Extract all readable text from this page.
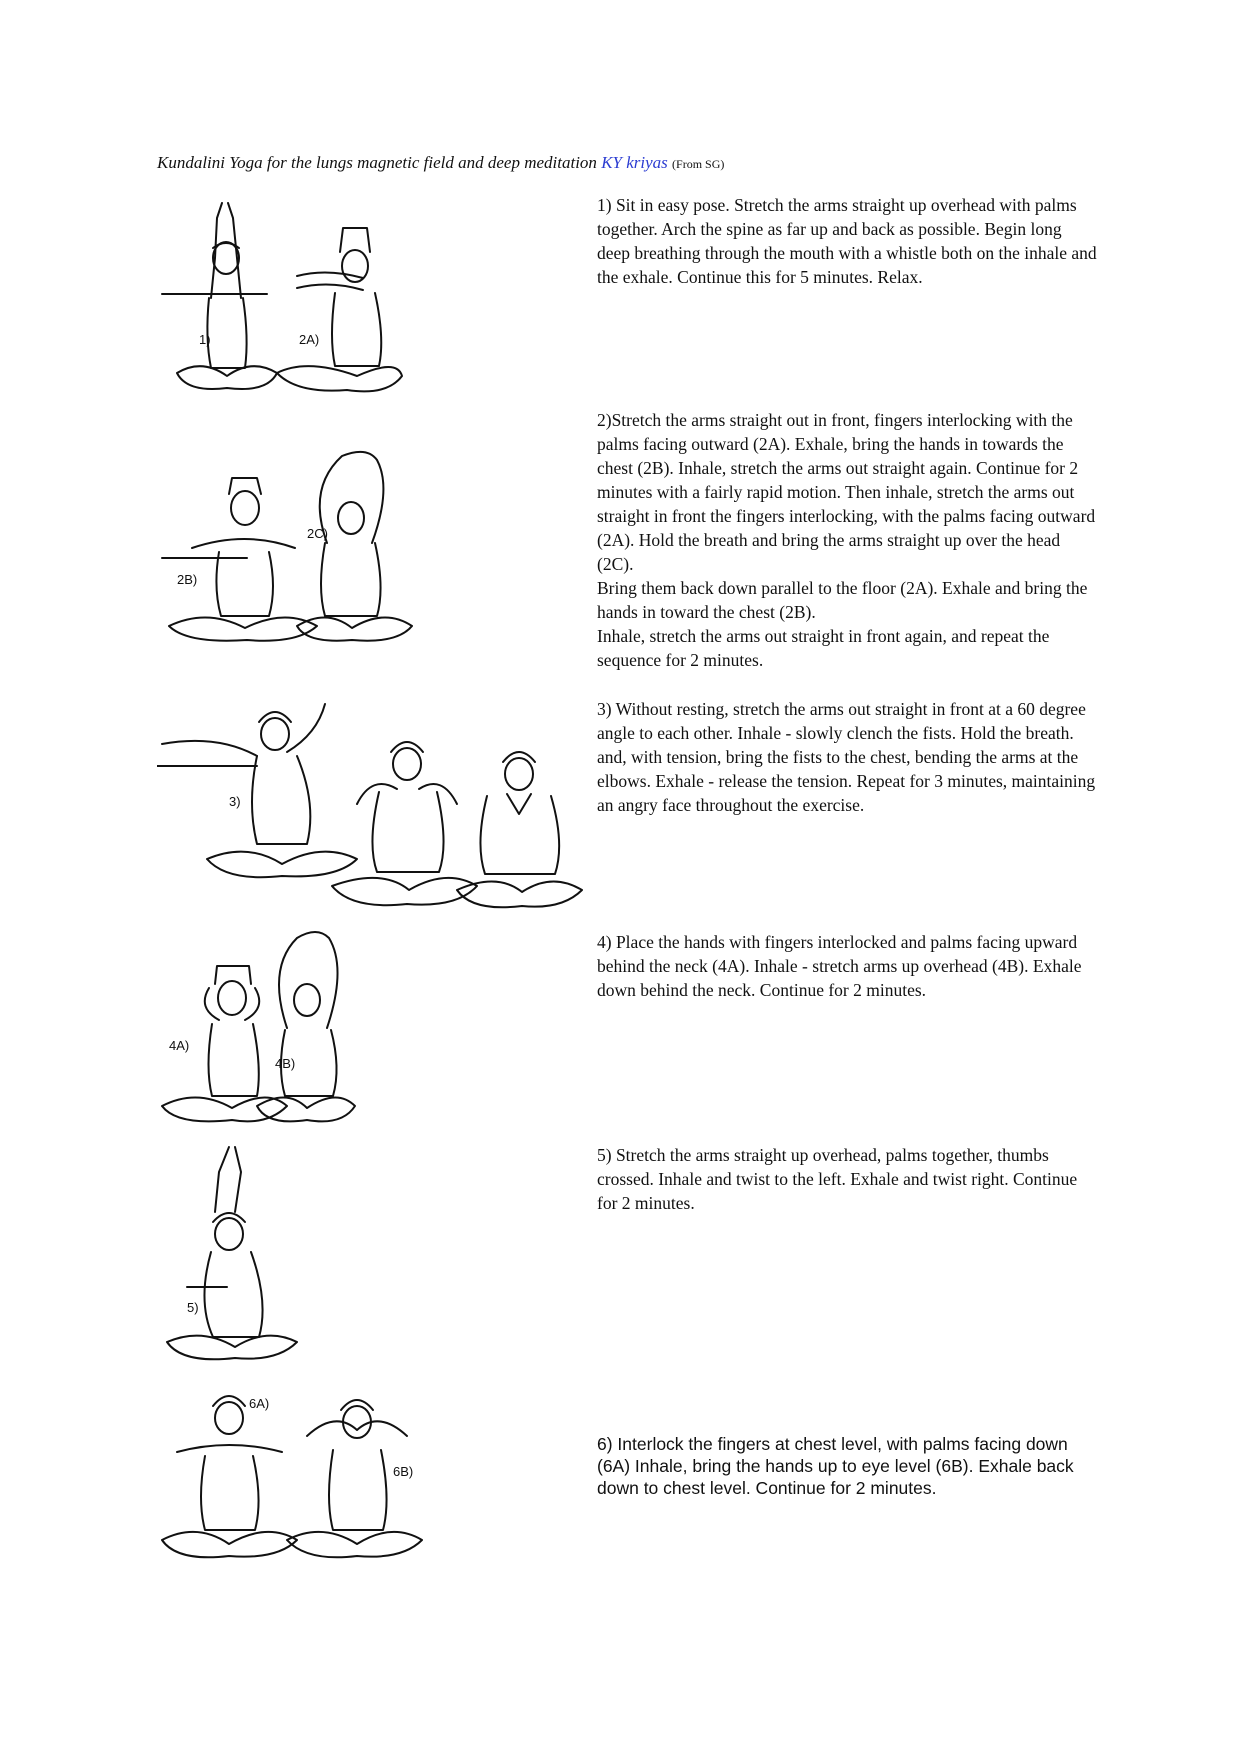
Kundalini Yoga for the lungs magnetic field and deep meditation KY kriyas (From SG)
1)	2A)
2B)
2C)
3)
4A)
4B)
5)
6A)
6B)
1) Sit in easy pose. Stretch the arms straight up overhead with palms together. Arch the spine as far up and back as possible. Begin long deep breathing through the mouth with a whistle both on the inhale and the exhale. Continue this for 5 minutes. Relax.
2)Stretch the arms straight out in front, fingers interlocking with the palms facing outward (2A). Exhale, bring the hands in towards the chest (2B). Inhale, stretch the arms out straight again. Continue for 2 minutes with a fairly rapid motion. Then inhale, stretch the arms out straight in front the fingers interlocking, with the palms facing outward (2A). Hold the breath and bring the arms straight up over the head (2C).
Bring them back down parallel to the floor (2A). Exhale and bring the hands in toward the chest (2B).
Inhale, stretch the arms out straight in front again, and repeat the sequence for 2 minutes.
3) Without resting, stretch the arms out straight in front at a 60 degree angle to each other. Inhale - slowly clench the fists. Hold the breath. and, with tension, bring the fists to the chest, bending the arms at the elbows. Exhale - release the tension. Repeat for 3 minutes, maintaining an angry face throughout the exercise.
4) Place the hands with fingers interlocked and palms facing upward behind the neck (4A). Inhale - stretch arms up overhead (4B). Exhale down behind the neck. Continue for 2 minutes.
5) Stretch the arms straight up overhead, palms together, thumbs crossed. Inhale and twist to the left. Exhale and twist right. Continue for 2 minutes.
6) Interlock the fingers at chest level, with palms facing down (6A) Inhale, bring the hands up to eye level (6B). Exhale back down to chest level. Continue for 2 minutes.
